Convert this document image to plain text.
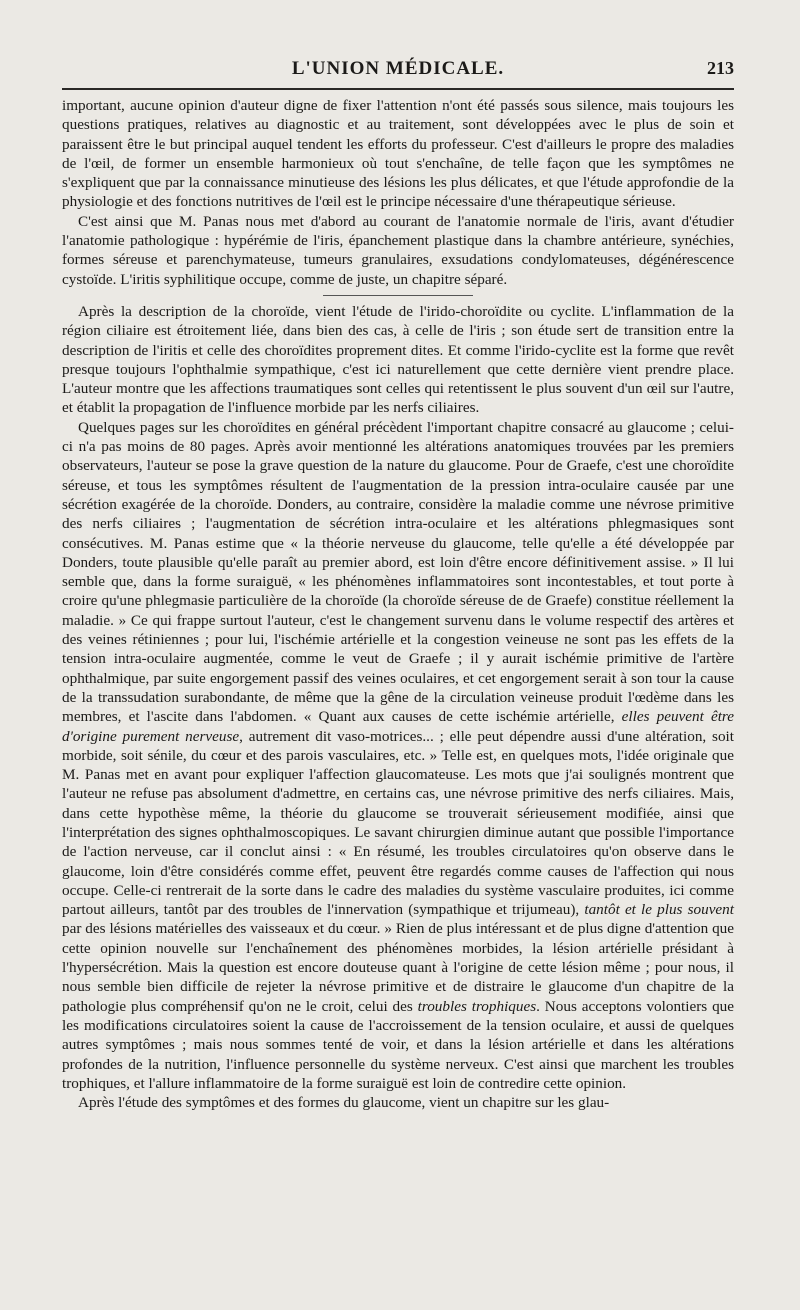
L'UNION MÉDICALE.	213

important, aucune opinion d'auteur digne de fixer l'attention n'ont été passés sous silence, mais toujours les questions pratiques, relatives au diagnostic et au traitement, sont développées avec le plus de soin et paraissent être le but principal auquel tendent les efforts du professeur. C'est d'ailleurs le propre des maladies de l'œil, de former un ensemble harmonieux où tout s'enchaîne, de telle façon que les symptômes ne s'expliquent que par la connaissance minutieuse des lésions les plus délicates, et que l'étude approfondie de la physiologie et des fonctions nutritives de l'œil est le principe nécessaire d'une thérapeutique sérieuse.

C'est ainsi que M. Panas nous met d'abord au courant de l'anatomie normale de l'iris, avant d'étudier l'anatomie pathologique : hypérémie de l'iris, épanchement plastique dans la chambre antérieure, synéchies, formes séreuse et parenchymateuse, tumeurs granulaires, exsudations condylomateuses, dégénérescence cystoïde. L'iritis syphilitique occupe, comme de juste, un chapitre séparé.

Après la description de la choroïde, vient l'étude de l'irido-choroïdite ou cyclite. L'inflammation de la région ciliaire est étroitement liée, dans bien des cas, à celle de l'iris ; son étude sert de transition entre la description de l'iritis et celle des choroïdites proprement dites. Et comme l'irido-cyclite est la forme que revêt presque toujours l'ophthalmie sympathique, c'est ici naturellement que cette dernière vient prendre place. L'auteur montre que les affections traumatiques sont celles qui retentissent le plus souvent d'un œil sur l'autre, et établit la propagation de l'influence morbide par les nerfs ciliaires.

Quelques pages sur les choroïdites en général précèdent l'important chapitre consacré au glaucome ; celui-ci n'a pas moins de 80 pages. Après avoir mentionné les altérations anatomiques trouvées par les premiers observateurs, l'auteur se pose la grave question de la nature du glaucome. Pour de Graefe, c'est une choroïdite séreuse, et tous les symptômes résultent de l'augmentation de la pression intra-oculaire causée par une sécrétion exagérée de la choroïde. Donders, au contraire, considère la maladie comme une névrose primitive des nerfs ciliaires ; l'augmentation de sécrétion intra-oculaire et les altérations phlegmasiques sont consécutives. M. Panas estime que « la théorie nerveuse du glaucome, telle qu'elle a été développée par Donders, toute plausible qu'elle paraît au premier abord, est loin d'être encore définitivement assise. » Il lui semble que, dans la forme suraiguë, « les phénomènes inflammatoires sont incontestables, et tout porte à croire qu'une phlegmasie particulière de la choroïde (la choroïde séreuse de de Graefe) constitue réellement la maladie. » Ce qui frappe surtout l'auteur, c'est le changement survenu dans le volume respectif des artères et des veines rétiniennes ; pour lui, l'ischémie artérielle et la congestion veineuse ne sont pas les effets de la tension intra-oculaire augmentée, comme le veut de Graefe ; il y aurait ischémie primitive de l'artère ophthalmique, par suite engorgement passif des veines oculaires, et cet engorgement serait à son tour la cause de la transsudation surabondante, de même que la gêne de la circulation veineuse produit l'œdème dans les membres, et l'ascite dans l'abdomen. « Quant aux causes de cette ischémie artérielle, elles peuvent être d'origine purement nerveuse, autrement dit vaso-motrices... ; elle peut dépendre aussi d'une altération, soit morbide, soit sénile, du cœur et des parois vasculaires, etc. » Telle est, en quelques mots, l'idée originale que M. Panas met en avant pour expliquer l'affection glaucomateuse. Les mots que j'ai soulignés montrent que l'auteur ne refuse pas absolument d'admettre, en certains cas, une névrose primitive des nerfs ciliaires. Mais, dans cette hypothèse même, la théorie du glaucome se trouverait sérieusement modifiée, ainsi que l'interprétation des signes ophthalmoscopiques. Le savant chirurgien diminue autant que possible l'importance de l'action nerveuse, car il conclut ainsi : « En résumé, les troubles circulatoires qu'on observe dans le glaucome, loin d'être considérés comme effet, peuvent être regardés comme causes de l'affection qui nous occupe. Celle-ci rentrerait de la sorte dans le cadre des maladies du système vasculaire produites, ici comme partout ailleurs, tantôt par des troubles de l'innervation (sympathique et trijumeau), tantôt et le plus souvent par des lésions matérielles des vaisseaux et du cœur. » Rien de plus intéressant et de plus digne d'attention que cette opinion nouvelle sur l'enchaînement des phénomènes morbides, la lésion artérielle présidant à l'hypersécrétion. Mais la question est encore douteuse quant à l'origine de cette lésion même ; pour nous, il nous semble bien difficile de rejeter la névrose primitive et de distraire le glaucome d'un chapitre de la pathologie plus compréhensif qu'on ne le croit, celui des troubles trophiques. Nous acceptons volontiers que les modifications circulatoires soient la cause de l'accroissement de la tension oculaire, et aussi de quelques autres symptômes ; mais nous sommes tenté de voir, et dans la lésion artérielle et dans les altérations profondes de la nutrition, l'influence personnelle du système nerveux. C'est ainsi que marchent les troubles trophiques, et l'allure inflammatoire de la forme suraiguë est loin de contredire cette opinion.

Après l'étude des symptômes et des formes du glaucome, vient un chapitre sur les glau-
